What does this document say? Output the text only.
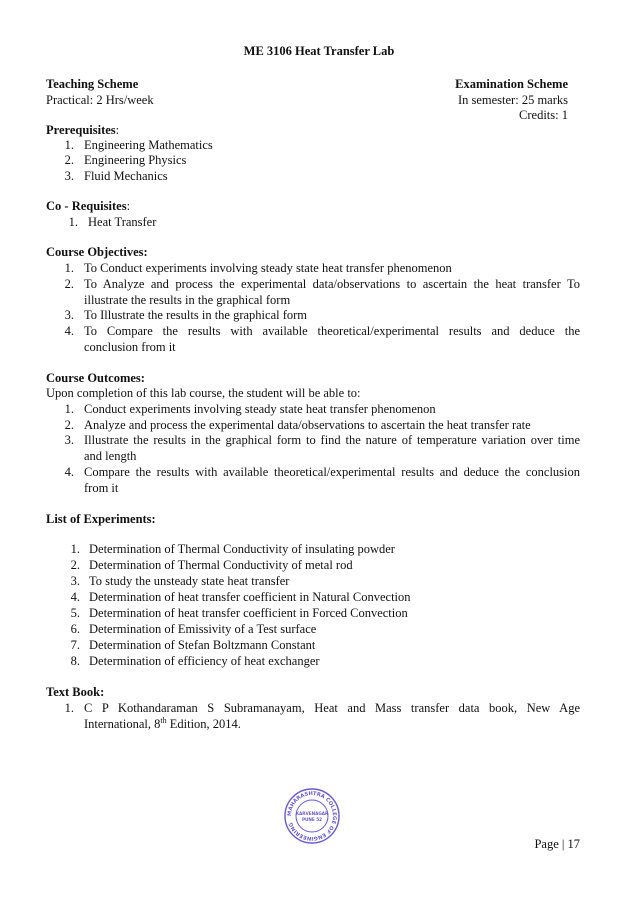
ME 3106 Heat Transfer Lab
Teaching Scheme
Practical: 2 Hrs/week
Examination Scheme
In semester: 25 marks
Credits: 1
Prerequisites:
1. Engineering Mathematics
2. Engineering Physics
3. Fluid Mechanics
Co - Requisites:
1. Heat Transfer
Course Objectives:
1. To Conduct experiments involving steady state heat transfer phenomenon
2. To Analyze and process the experimental data/observations to ascertain the heat transfer To
illustrate the results in the graphical form
3. To Illustrate the results in the graphical form
4. To Compare the results with available theoretical/experimental results and deduce the
conclusion from it
Course Outcomes:
Upon completion of this lab course, the student will be able to:
1. Conduct experiments involving steady state heat transfer phenomenon
2. Analyze and process the experimental data/observations to ascertain the heat transfer rate
3. Illustrate the results in the graphical form to find the nature of temperature variation over time
and length
4. Compare the results with available theoretical/experimental results and deduce the conclusion
from it
List of Experiments:
1. Determination of Thermal Conductivity of insulating powder
2. Determination of Thermal Conductivity of metal rod
3. To study the unsteady state heat transfer
4. Determination of heat transfer coefficient in Natural Convection
5. Determination of heat transfer coefficient in Forced Convection
6. Determination of Emissivity of a Test surface
7. Determination of Stefan Boltzmann Constant
8. Determination of efficiency of heat exchanger
Text Book:
1. C P Kothandaraman S Subramanayam, Heat and Mass transfer data book, New Age
International, 8th Edition, 2014.
MAHARASHTRA COLLEGE OF ENGINEERING
KARVENAGAR
PUNE 52
Page | 17
